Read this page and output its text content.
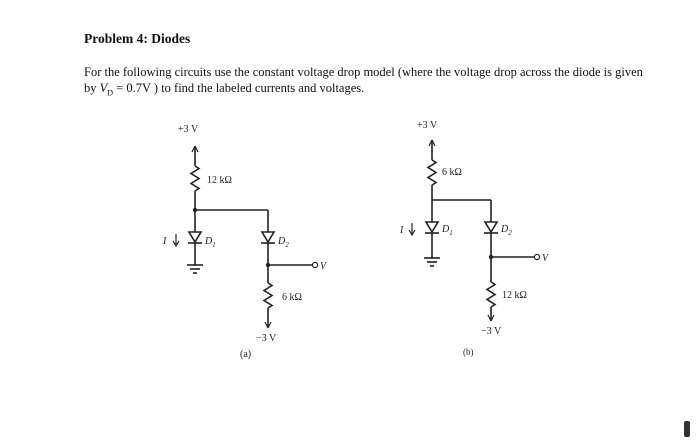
Problem 4: Diodes
For the following circuits use the constant voltage drop model (where the voltage drop across the diode is given by $V_D = 0.7V$ ) to find the labeled currents and voltages.
+3 V
12 kΩ
$D_1$
I	$D_2$
V
6 kΩ
−3 V
(a)
+3 V
6 kΩ
$D_1$
I	$D_2$
V
12 kΩ
−3 V
(b)
